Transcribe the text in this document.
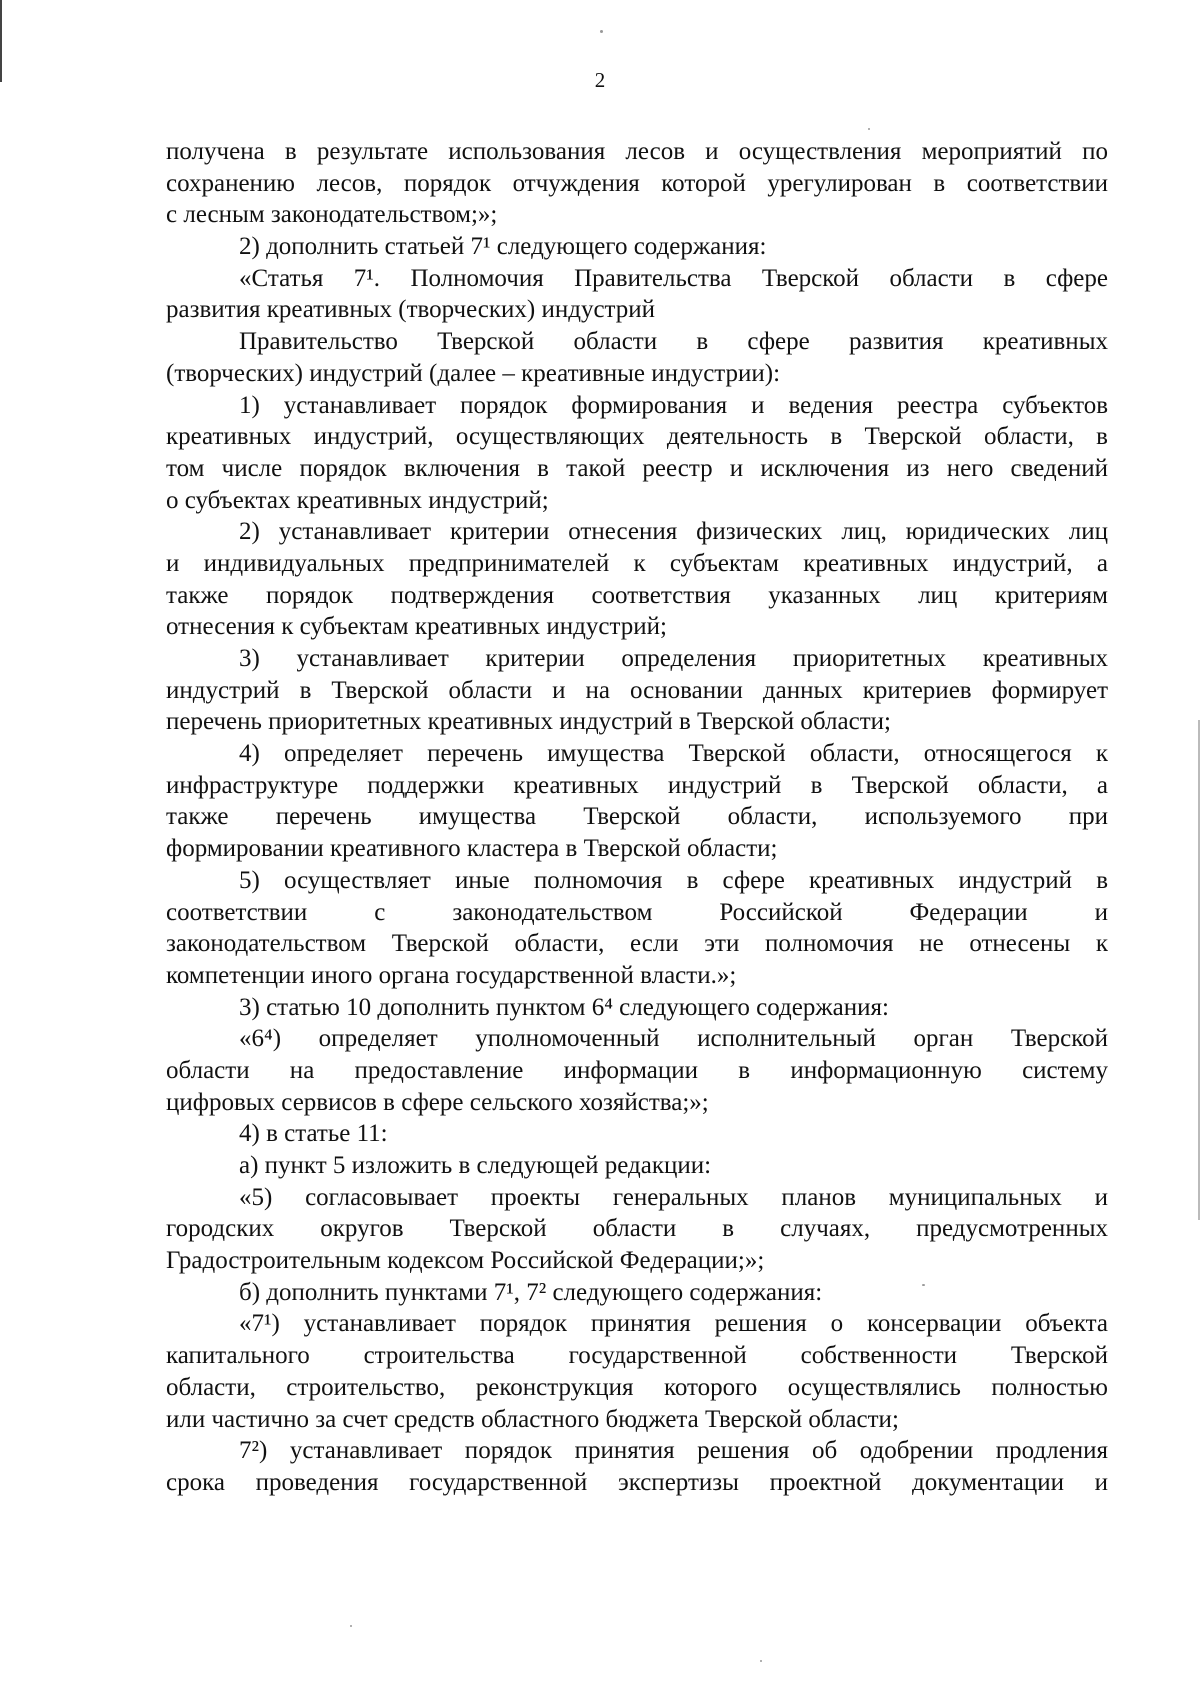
2
получена в результате использования лесов и осуществления мероприятий по
сохранению лесов, порядок отчуждения которой урегулирован в соответствии
с лесным законодательством;»;
2) дополнить статьей 7¹ следующего содержания:
«Статья 7¹. Полномочия Правительства Тверской области в сфере
развития креативных (творческих) индустрий
Правительство Тверской области в сфере развития креативных
(творческих) индустрий (далее – креативные индустрии):
1) устанавливает порядок формирования и ведения реестра субъектов
креативных индустрий, осуществляющих деятельность в Тверской области, в
том числе порядок включения в такой реестр и исключения из него сведений
о субъектах креативных индустрий;
2) устанавливает критерии отнесения физических лиц, юридических лиц
и индивидуальных предпринимателей к субъектам креативных индустрий, а
также порядок подтверждения соответствия указанных лиц критериям
отнесения к субъектам креативных индустрий;
3) устанавливает критерии определения приоритетных креативных
индустрий в Тверской области и на основании данных критериев формирует
перечень приоритетных креативных индустрий в Тверской области;
4) определяет перечень имущества Тверской области, относящегося к
инфраструктуре поддержки креативных индустрий в Тверской области, а
также перечень имущества Тверской области, используемого при
формировании креативного кластера в Тверской области;
5) осуществляет иные полномочия в сфере креативных индустрий в
соответствии с законодательством Российской Федерации и
законодательством Тверской области, если эти полномочия не отнесены к
компетенции иного органа государственной власти.»;
3) статью 10 дополнить пунктом 6⁴ следующего содержания:
«6⁴) определяет уполномоченный исполнительный орган Тверской
области на предоставление информации в информационную систему
цифровых сервисов в сфере сельского хозяйства;»;
4) в статье 11:
а) пункт 5 изложить в следующей редакции:
«5) согласовывает проекты генеральных планов муниципальных и
городских округов Тверской области в случаях, предусмотренных
Градостроительным кодексом Российской Федерации;»;
б) дополнить пунктами 7¹, 7² следующего содержания:
«7¹) устанавливает порядок принятия решения о консервации объекта
капитального строительства государственной собственности Тверской
области, строительство, реконструкция которого осуществлялись полностью
или частично за счет средств областного бюджета Тверской области;
7²) устанавливает порядок принятия решения об одобрении продления
срока проведения государственной экспертизы проектной документации и
